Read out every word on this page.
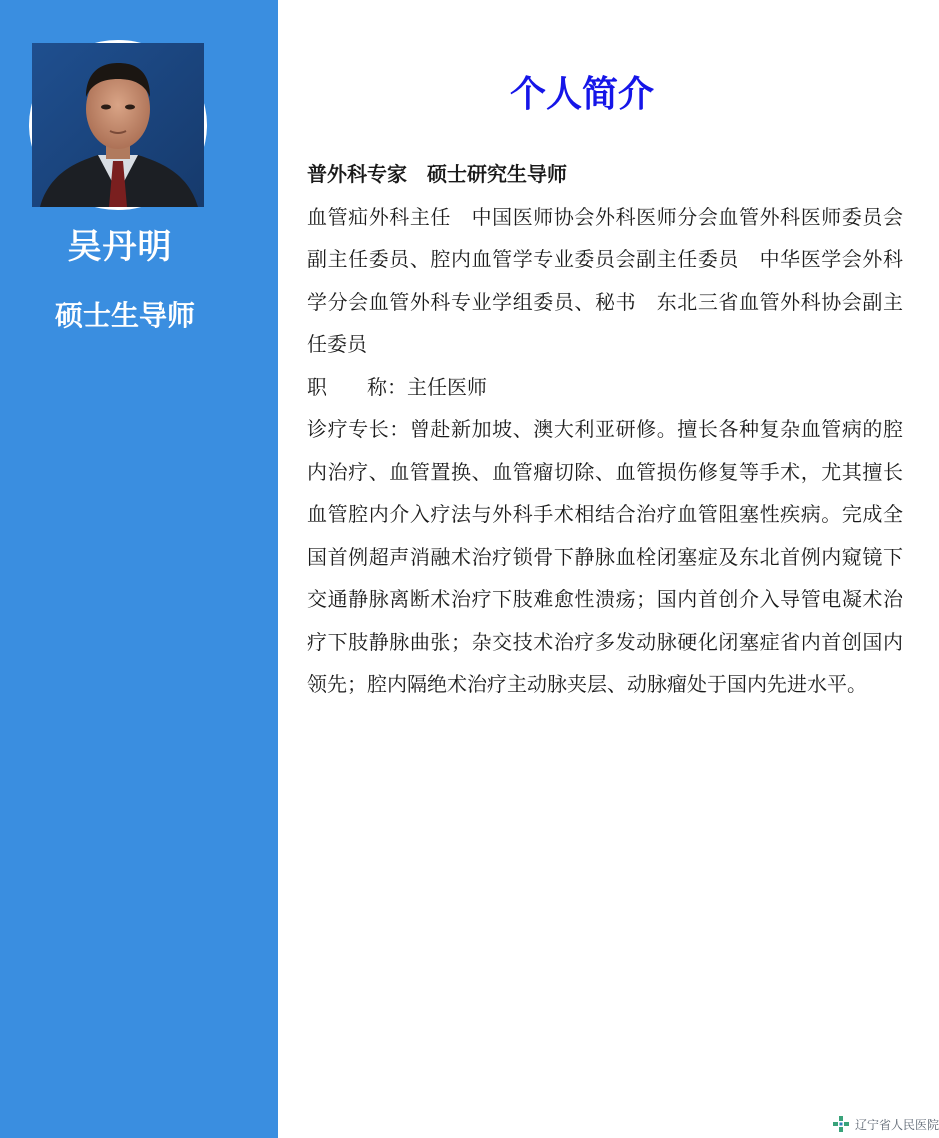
吴丹明
硕士生导师
个人简介

普外科专家　硕士研究生导师

血管疝外科主任　中国医师协会外科医师分会血管外科医师委员会副主任委员、腔内血管学专业委员会副主任委员　中华医学会外科学分会血管外科专业学组委员、秘书　东北三省血管外科协会副主任委员

职　　称：主任医师

诊疗专长：曾赴新加坡、澳大利亚研修。擅长各种复杂血管病的腔内治疗、血管置换、血管瘤切除、血管损伤修复等手术，尤其擅长血管腔内介入疗法与外科手术相结合治疗血管阻塞性疾病。完成全国首例超声消融术治疗锁骨下静脉血栓闭塞症及东北首例内窥镜下交通静脉离断术治疗下肢难愈性溃疡；国内首创介入导管电凝术治疗下肢静脉曲张；杂交技术治疗多发动脉硬化闭塞症省内首创国内领先；腔内隔绝术治疗主动脉夹层、动脉瘤处于国内先进水平。

辽宁省人民医院
